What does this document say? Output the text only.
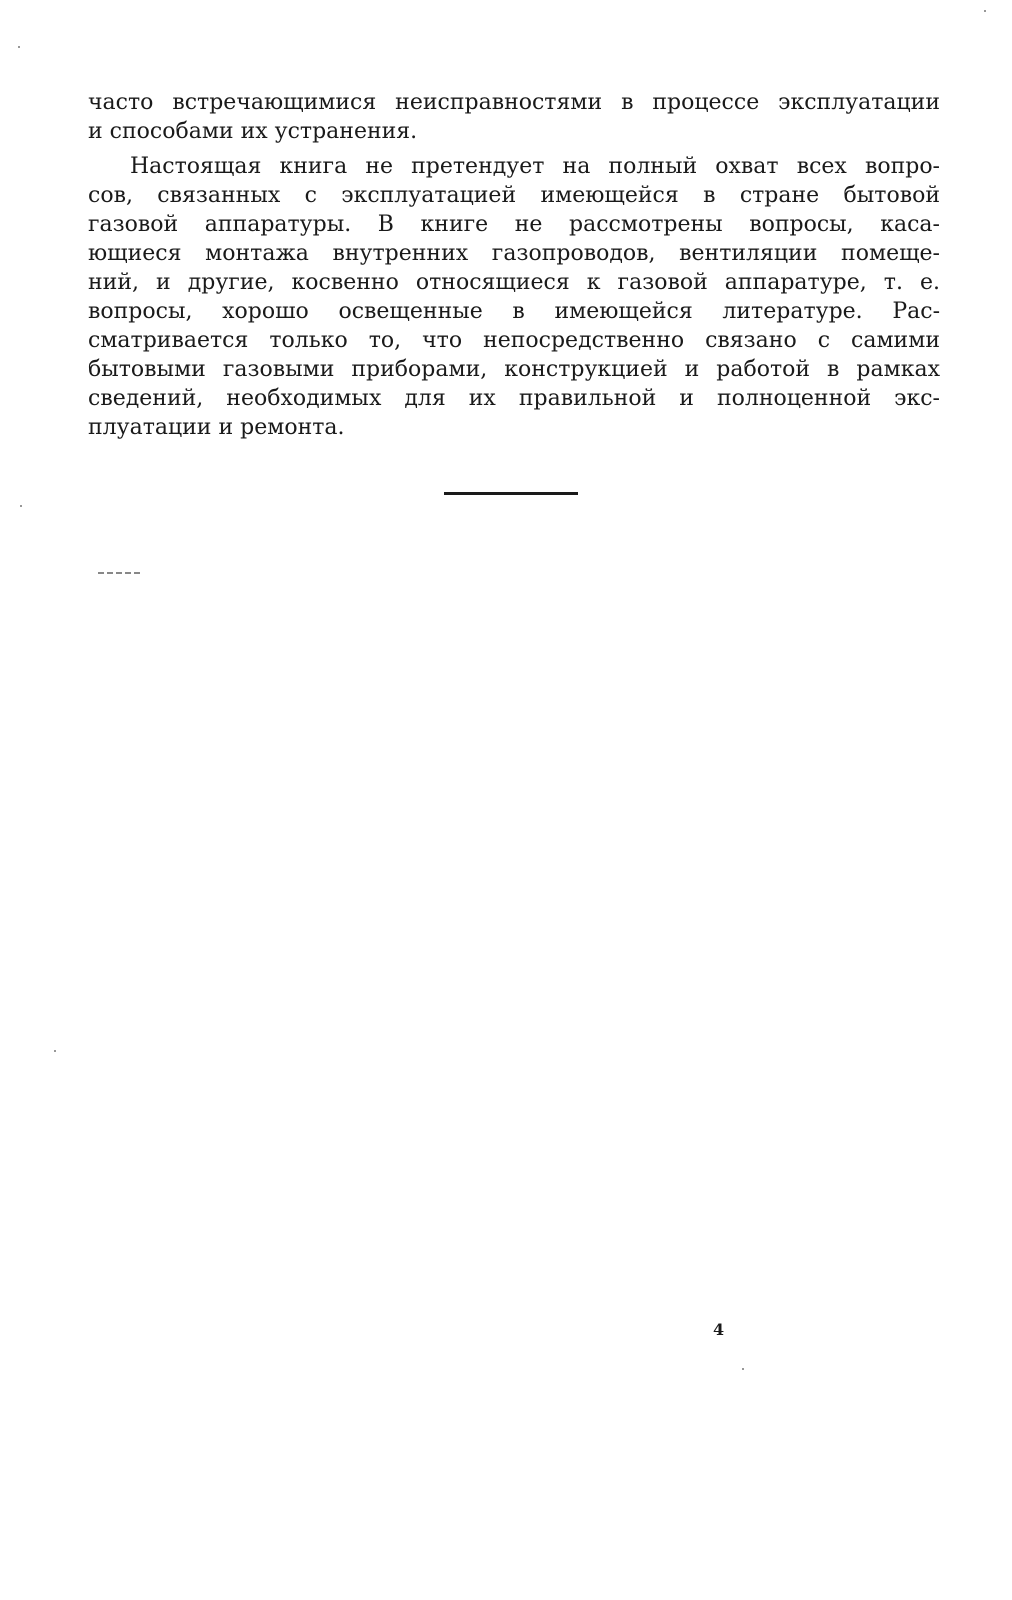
часто встречающимися неисправностями в процессе эксплуатации
и способами их устранения.
Настоящая книга не претендует на полный охват всех вопро-
сов, связанных с эксплуатацией имеющейся в стране бытовой
газовой аппаратуры. В книге не рассмотрены вопросы, каса-
ющиеся монтажа внутренних газопроводов, вентиляции помеще-
ний, и другие, косвенно относящиеся к газовой аппаратуре, т. е.
вопросы, хорошо освещенные в имеющейся литературе. Рас-
сматривается только то, что непосредственно связано с самими
бытовыми газовыми приборами, конструкцией и работой в рамках
сведений, необходимых для их правильной и полноценной экс-
плуатации и ремонта.
4
